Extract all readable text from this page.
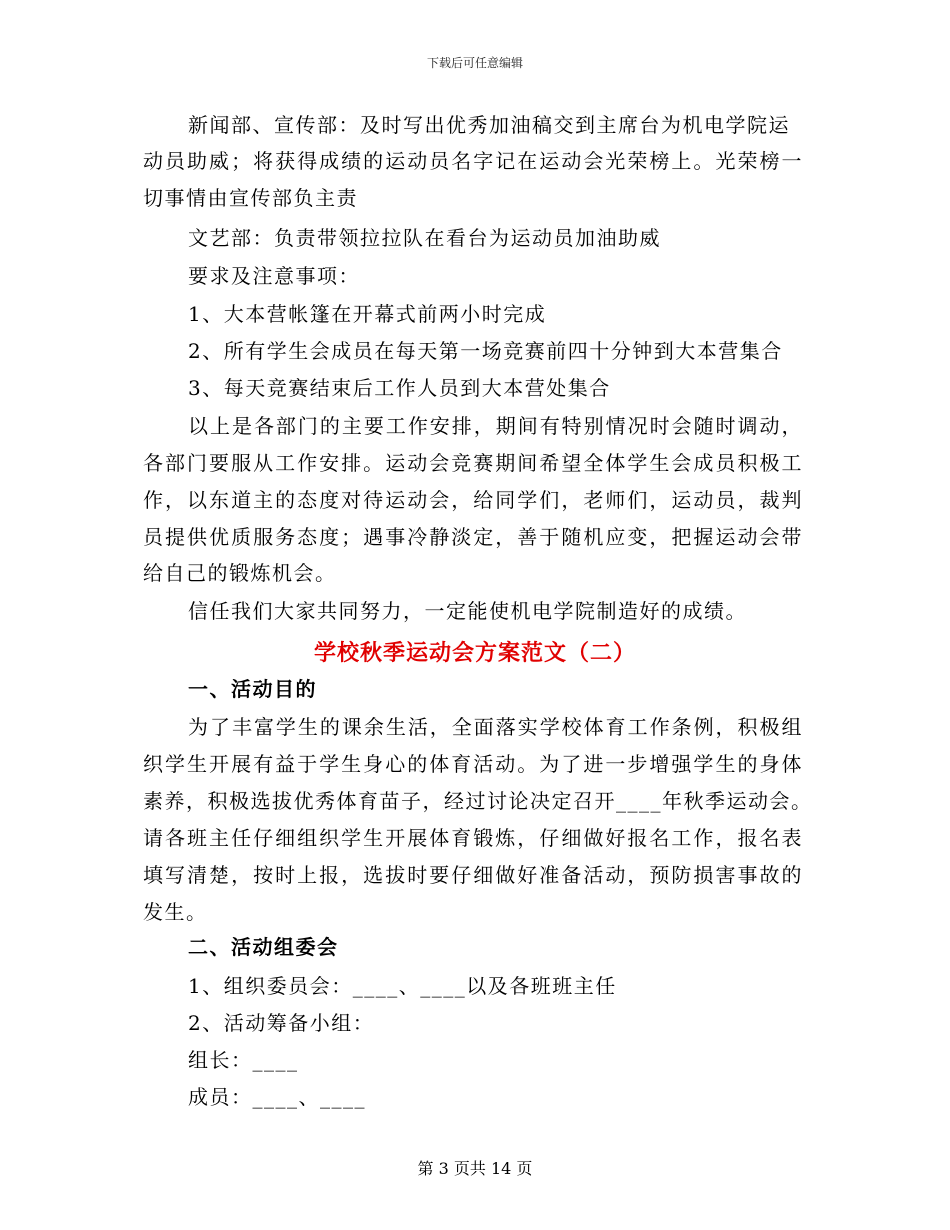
下载后可任意编辑
新闻部、宣传部：及时写出优秀加油稿交到主席台为机电学院运
动员助威；将获得成绩的运动员名字记在运动会光荣榜上。光荣榜一
切事情由宣传部负主责
文艺部：负责带领拉拉队在看台为运动员加油助威
要求及注意事项：
1、大本营帐篷在开幕式前两小时完成
2、所有学生会成员在每天第一场竞赛前四十分钟到大本营集合
3、每天竞赛结束后工作人员到大本营处集合
以上是各部门的主要工作安排，期间有特别情况时会随时调动，
各部门要服从工作安排。运动会竞赛期间希望全体学生会成员积极工
作，以东道主的态度对待运动会，给同学们，老师们，运动员，裁判
员提供优质服务态度；遇事冷静淡定，善于随机应变，把握运动会带
给自己的锻炼机会。
信任我们大家共同努力，一定能使机电学院制造好的成绩。
学校秋季运动会方案范文（二）
一、活动目的
为了丰富学生的课余生活，全面落实学校体育工作条例，积极组
织学生开展有益于学生身心的体育活动。为了进一步增强学生的身体
素养，积极选拔优秀体育苗子，经过讨论决定召开____年秋季运动会。
请各班主任仔细组织学生开展体育锻炼，仔细做好报名工作，报名表
填写清楚，按时上报，选拔时要仔细做好准备活动，预防损害事故的
发生。
二、活动组委会
1、组织委员会：____、____以及各班班主任
2、活动筹备小组：
组长：____
成员：____、____
第 3 页共 14 页
